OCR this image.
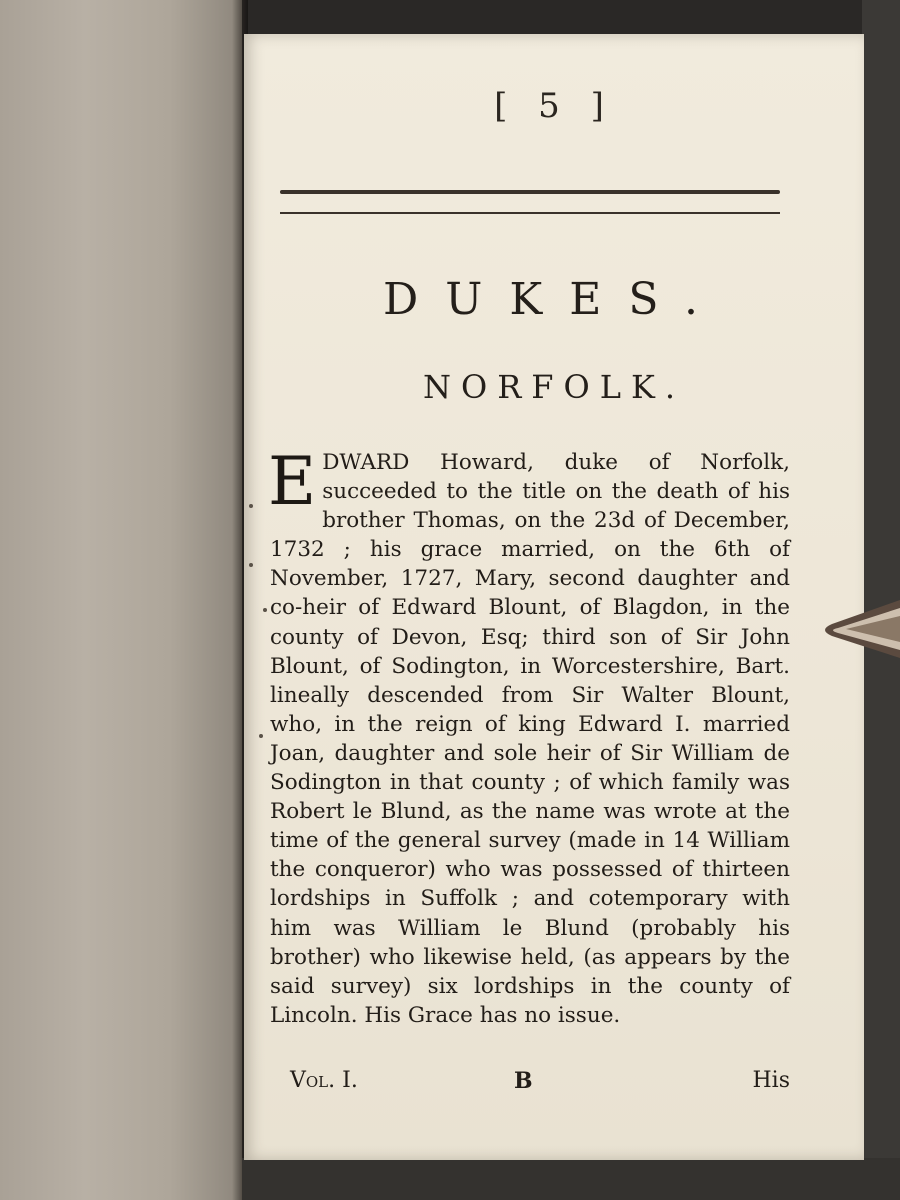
[ 5 ]
DUKES.
NORFOLK.
E DWARD Howard, duke of Norfolk, succeeded to the title on the death of his brother Thomas, on the 23d of December, 1732 ; his grace married, on the 6th of November, 1727, Mary, second daughter and co-heir of Edward Blount, of Blagdon, in the county of Devon, Esq; third son of Sir John Blount, of Sodington, in Worcestershire, Bart. lineally descended from Sir Walter Blount, who, in the reign of king Edward I. married Joan, daughter and sole heir of Sir William de Sodington in that county ; of which family was Robert le Blund, as the name was wrote at the time of the general survey (made in 14 William the conqueror) who was possessed of thirteen lordships in Suffolk ; and cotemporary with him was William le Blund (probably his brother) who likewise held, (as appears by the said survey) six lordships in the county of Lincoln. His Grace has no issue.
Vol. I.	B	His
